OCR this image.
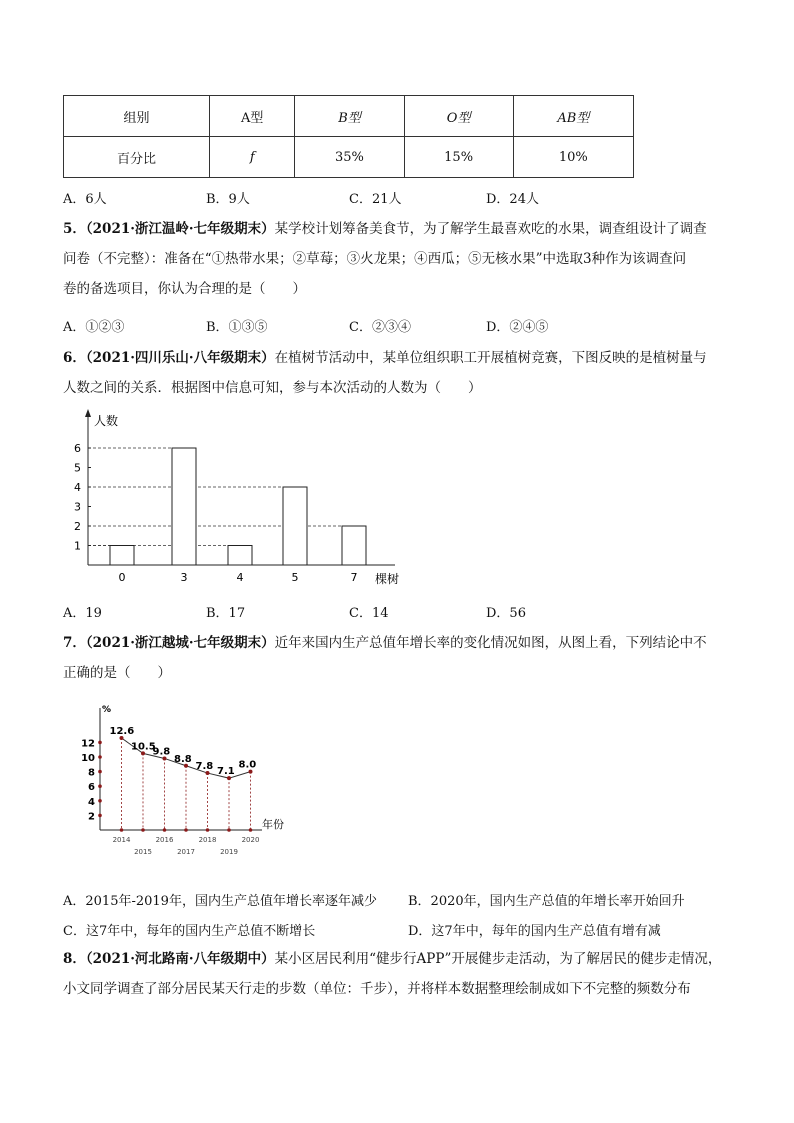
组别	A型	B型	O型	AB型
百分比	f	35%	15%	10%
A．6人	B．9人	C．21人	D．24人
5．（2021·浙江温岭·七年级期末）某学校计划筹备美食节，为了解学生最喜欢吃的水果，调查组设计了调查
问卷（不完整）：准备在“①热带水果；②草莓；③火龙果；④西瓜；⑤无核水果”中选取3种作为该调查问
卷的备选项目，你认为合理的是（　　）
A．①②③	B．①③⑤	C．②③④	D．②④⑤
6．（2021·四川乐山·八年级期末）在植树节活动中，某单位组织职工开展植树竞赛，下图反映的是植树量与
人数之间的关系．根据图中信息可知，参与本次活动的人数为（　　）
1
2
3
4
5
6
0	3	4	5	7
人数
棵树
A．19	B．17	C．14	D．56
7．（2021·浙江越城·七年级期末）近年来国内生产总值年增长率的变化情况如图，从图上看，下列结论中不
正确的是（　　）
%
年份
2
4
6
8
10
12
12.6
10.5
9.8
8.8
7.8 7.1
8.0
2014
2015
2016
2017
2018
2019
2020
A．2015年-2019年，国内生产总值年增长率逐年减少 B．2020年，国内生产总值的年增长率开始回升
C．这7年中，每年的国内生产总值不断增长	D．这7年中，每年的国内生产总值有增有减
8．（2021·河北路南·八年级期中）某小区居民利用“健步行APP”开展健步走活动，为了解居民的健步走情况，
小文同学调查了部分居民某天行走的步数（单位：千步），并将样本数据整理绘制成如下不完整的频数分布
